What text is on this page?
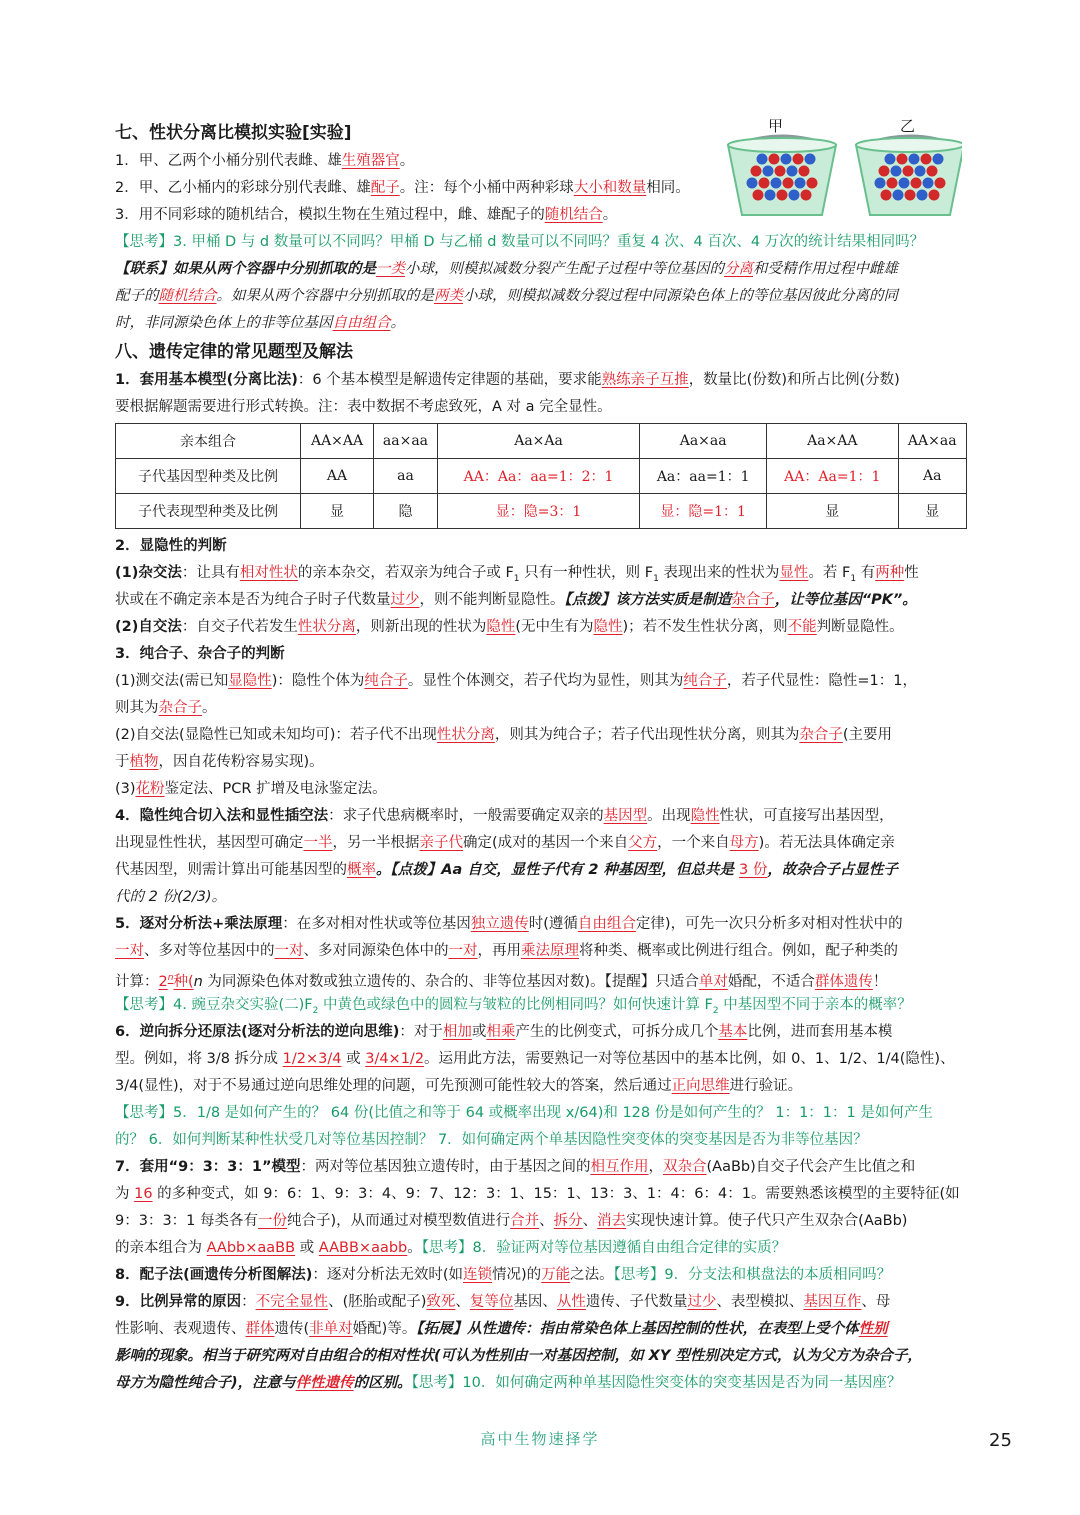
甲	乙
七、性状分离比模拟实验[实验]
1．甲、乙两个小桶分别代表雌、雄生殖器官。
2．甲、乙小桶内的彩球分别代表雌、雄配子。注：每个小桶中两种彩球大小和数量相同。
3．用不同彩球的随机结合，模拟生物在生殖过程中，雌、雄配子的随机结合。
【思考】3. 甲桶 D 与 d 数量可以不同吗？甲桶 D 与乙桶 d 数量可以不同吗？重复 4 次、4 百次、4 万次的统计结果相同吗？
【联系】如果从两个容器中分别抓取的是一类小球，则模拟减数分裂产生配子过程中等位基因的分离和受精作用过程中雌雄
配子的随机结合。如果从两个容器中分别抓取的是两类小球，则模拟减数分裂过程中同源染色体上的等位基因彼此分离的同
时，非同源染色体上的非等位基因自由组合。
八、遗传定律的常见题型及解法
1．套用基本模型(分离比法)：6 个基本模型是解遗传定律题的基础，要求能熟练亲子互推，数量比(份数)和所占比例(分数)
要根据解题需要进行形式转换。注：表中数据不考虑致死，A 对 a 完全显性。
亲本组合	AA×AA	aa×aa	Aa×Aa	Aa×aa	Aa×AA	AA×aa
子代基因型种类及比例	AA	aa	AA：Aa：aa=1：2：1	Aa：aa=1：1	AA：Aa=1：1	Aa
子代表现型种类及比例	显	隐	显：隐=3：1	显：隐=1：1	显	显
2．显隐性的判断
(1)杂交法：让具有相对性状的亲本杂交，若双亲为纯合子或 $F_1$ 只有一种性状，则 $F_1$ 表现出来的性状为显性。若 $F_1$ 有两种性
状或在不确定亲本是否为纯合子时子代数量过少，则不能判断显隐性。【点拨】该方法实质是制造杂合子，让等位基因“PK”。
(2)自交法：自交子代若发生性状分离，则新出现的性状为隐性(无中生有为隐性)；若不发生性状分离，则不能判断显隐性。
3．纯合子、杂合子的判断
(1)测交法(需已知显隐性)：隐性个体为纯合子。显性个体测交，若子代均为显性，则其为纯合子，若子代显性：隐性=1：1，
则其为杂合子。
(2)自交法(显隐性已知或未知均可)：若子代不出现性状分离，则其为纯合子；若子代出现性状分离，则其为杂合子(主要用
于植物，因自花传粉容易实现)。
(3)花粉鉴定法、PCR 扩增及电泳鉴定法。
4．隐性纯合切入法和显性插空法：求子代患病概率时，一般需要确定双亲的基因型。出现隐性性状，可直接写出基因型，
出现显性性状，基因型可确定一半，另一半根据亲子代确定(成对的基因一个来自父方，一个来自母方)。若无法具体确定亲
代基因型，则需计算出可能基因型的概率。【点拨】Aa 自交，显性子代有 2 种基因型，但总共是 3 份，故杂合子占显性子
代的 2 份(2/3)。
5．逐对分析法+乘法原理：在多对相对性状或等位基因独立遗传时(遵循自由组合定律)，可先一次只分析多对相对性状中的
一对、多对等位基因中的一对、多对同源染色体中的一对，再用乘法原理将种类、概率或比例进行组合。例如，配子种类的
计算：2$^n$种(n 为同源染色体对数或独立遗传的、杂合的、非等位基因对数)。【提醒】只适合单对婚配，不适合群体遗传！
【思考】4. 豌豆杂交实验(二)$F_2$ 中黄色或绿色中的圆粒与皱粒的比例相同吗？如何快速计算 $F_2$ 中基因型不同于亲本的概率？
6．逆向拆分还原法(逐对分析法的逆向思维)：对于相加或相乘产生的比例变式，可拆分成几个基本比例，进而套用基本模
型。例如，将 3/8 拆分成 1/2×3/4 或 3/4×1/2。运用此方法，需要熟记一对等位基因中的基本比例，如 0、1、1/2、1/4(隐性)、
3/4(显性)，对于不易通过逆向思维处理的问题，可先预测可能性较大的答案，然后通过正向思维进行验证。
【思考】5．1/8 是如何产生的？ 64 份(比值之和等于 64 或概率出现 x/64)和 128 份是如何产生的？ 1：1：1：1 是如何产生
的？ 6．如何判断某种性状受几对等位基因控制？ 7．如何确定两个单基因隐性突变体的突变基因是否为非等位基因？
7．套用“9：3：3：1”模型：两对等位基因独立遗传时，由于基因之间的相互作用，双杂合(AaBb)自交子代会产生比值之和
为 16 的多种变式，如 9：6：1、9：3：4、9：7、12：3：1、15：1、13：3、1：4：6：4：1。需要熟悉该模型的主要特征(如
9：3：3：1 每类各有一份纯合子)，从而通过对模型数值进行合并、拆分、消去实现快速计算。使子代只产生双杂合(AaBb)
的亲本组合为 AAbb×aaBB 或 AABB×aabb。【思考】8．验证两对等位基因遵循自由组合定律的实质？
8．配子法(画遗传分析图解法)：逐对分析法无效时(如连锁情况)的万能之法。【思考】9．分支法和棋盘法的本质相同吗？
9．比例异常的原因：不完全显性、(胚胎或配子)致死、复等位基因、从性遗传、子代数量过少、表型模拟、基因互作、母
性影响、表观遗传、群体遗传(非单对婚配)等。【拓展】从性遗传：指由常染色体上基因控制的性状，在表型上受个体性别
影响的现象。相当于研究两对自由组合的相对性状(可认为性别由一对基因控制，如 XY 型性别决定方式，认为父方为杂合子，
母方为隐性纯合子)，注意与伴性遗传的区别。【思考】10．如何确定两种单基因隐性突变体的突变基因是否为同一基因座？
高中生物速择学	25
